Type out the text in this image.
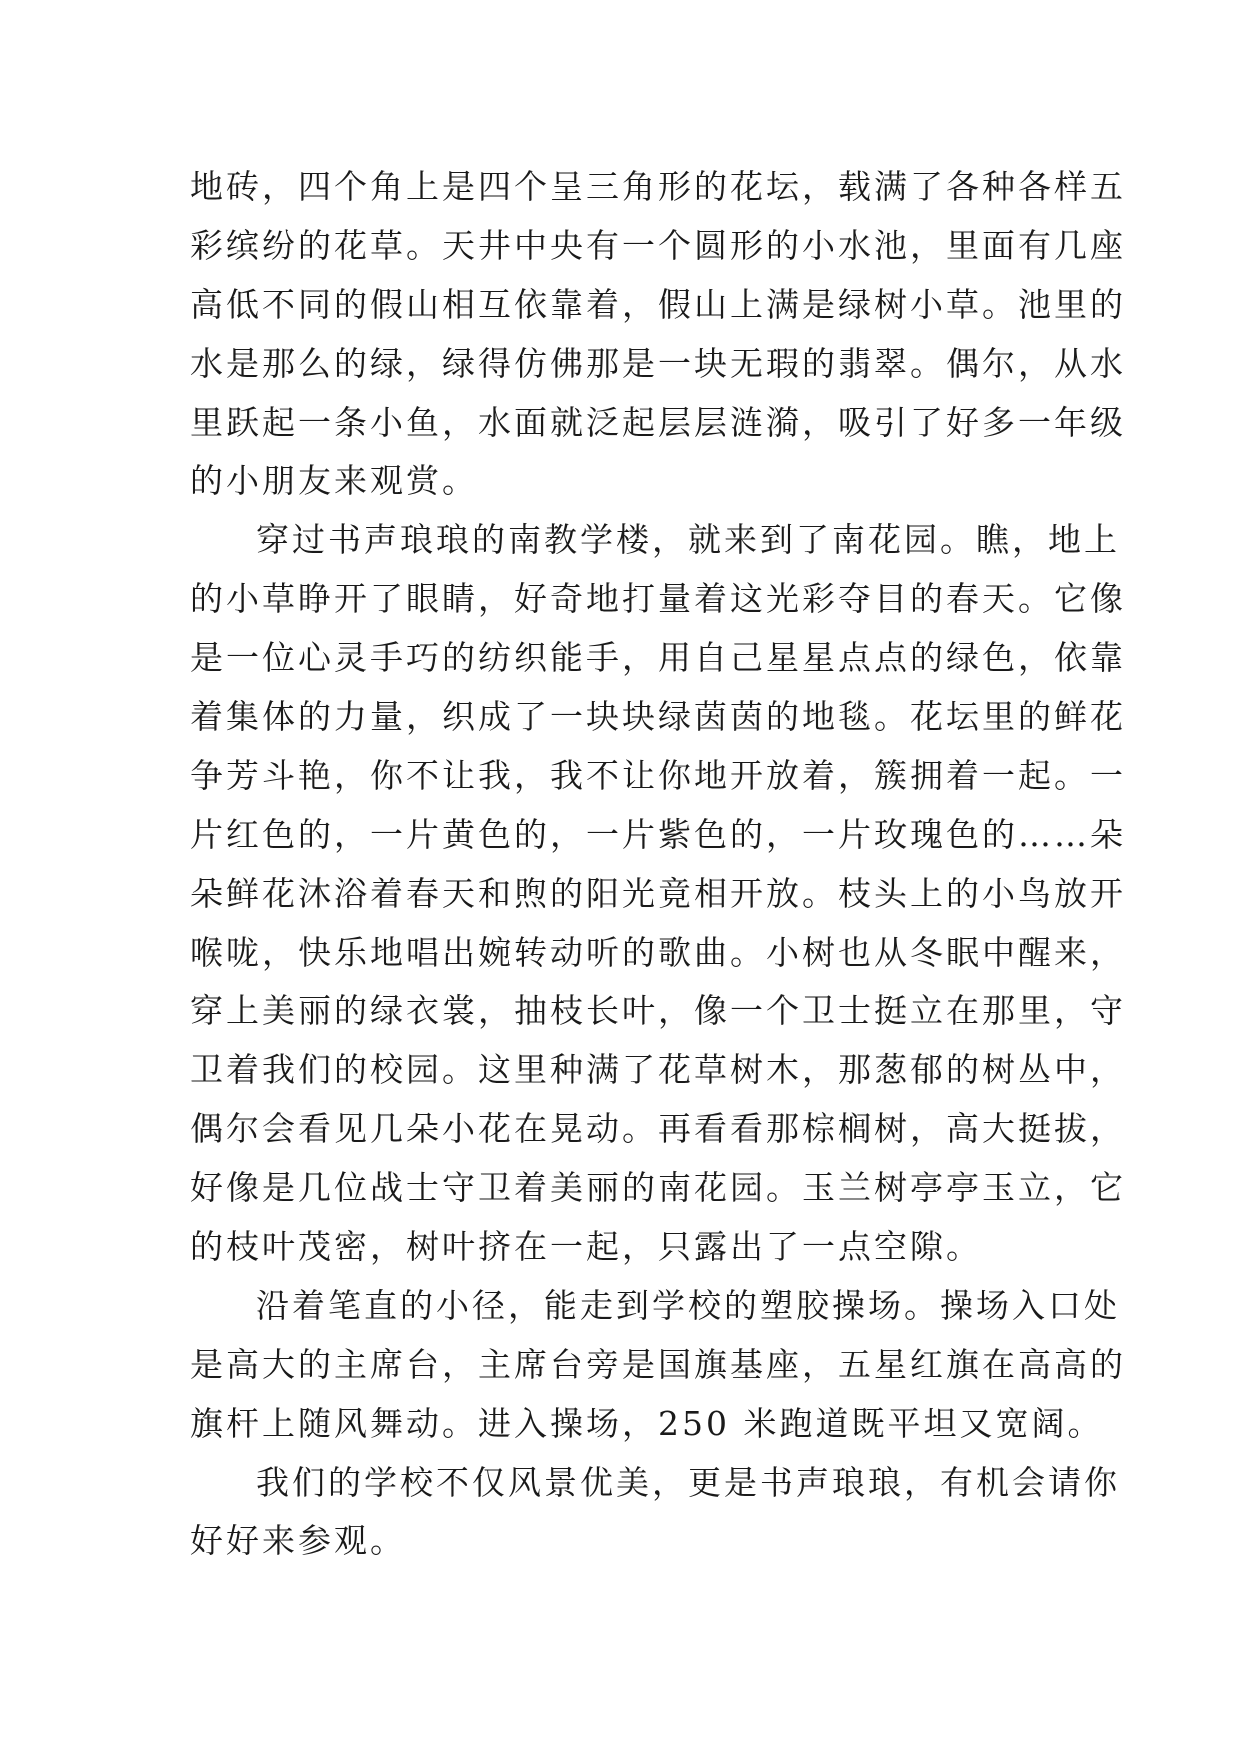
地砖，四个角上是四个呈三角形的花坛，载满了各种各样五
彩缤纷的花草。天井中央有一个圆形的小水池，里面有几座
高低不同的假山相互依靠着，假山上满是绿树小草。池里的
水是那么的绿，绿得仿佛那是一块无瑕的翡翠。偶尔，从水
里跃起一条小鱼，水面就泛起层层涟漪，吸引了好多一年级
的小朋友来观赏。
穿过书声琅琅的南教学楼，就来到了南花园。瞧，地上
的小草睁开了眼睛，好奇地打量着这光彩夺目的春天。它像
是一位心灵手巧的纺织能手，用自己星星点点的绿色，依靠
着集体的力量，织成了一块块绿茵茵的地毯。花坛里的鲜花
争芳斗艳，你不让我，我不让你地开放着，簇拥着一起。一
片红色的，一片黄色的，一片紫色的，一片玫瑰色的……朵
朵鲜花沐浴着春天和煦的阳光竟相开放。枝头上的小鸟放开
喉咙，快乐地唱出婉转动听的歌曲。小树也从冬眠中醒来，
穿上美丽的绿衣裳，抽枝长叶，像一个卫士挺立在那里，守
卫着我们的校园。这里种满了花草树木，那葱郁的树丛中，
偶尔会看见几朵小花在晃动。再看看那棕榈树，高大挺拔，
好像是几位战士守卫着美丽的南花园。玉兰树亭亭玉立，它
的枝叶茂密，树叶挤在一起，只露出了一点空隙。
沿着笔直的小径，能走到学校的塑胶操场。操场入口处
是高大的主席台，主席台旁是国旗基座，五星红旗在高高的
旗杆上随风舞动。进入操场，250 米跑道既平坦又宽阔。
我们的学校不仅风景优美，更是书声琅琅，有机会请你
好好来参观。
